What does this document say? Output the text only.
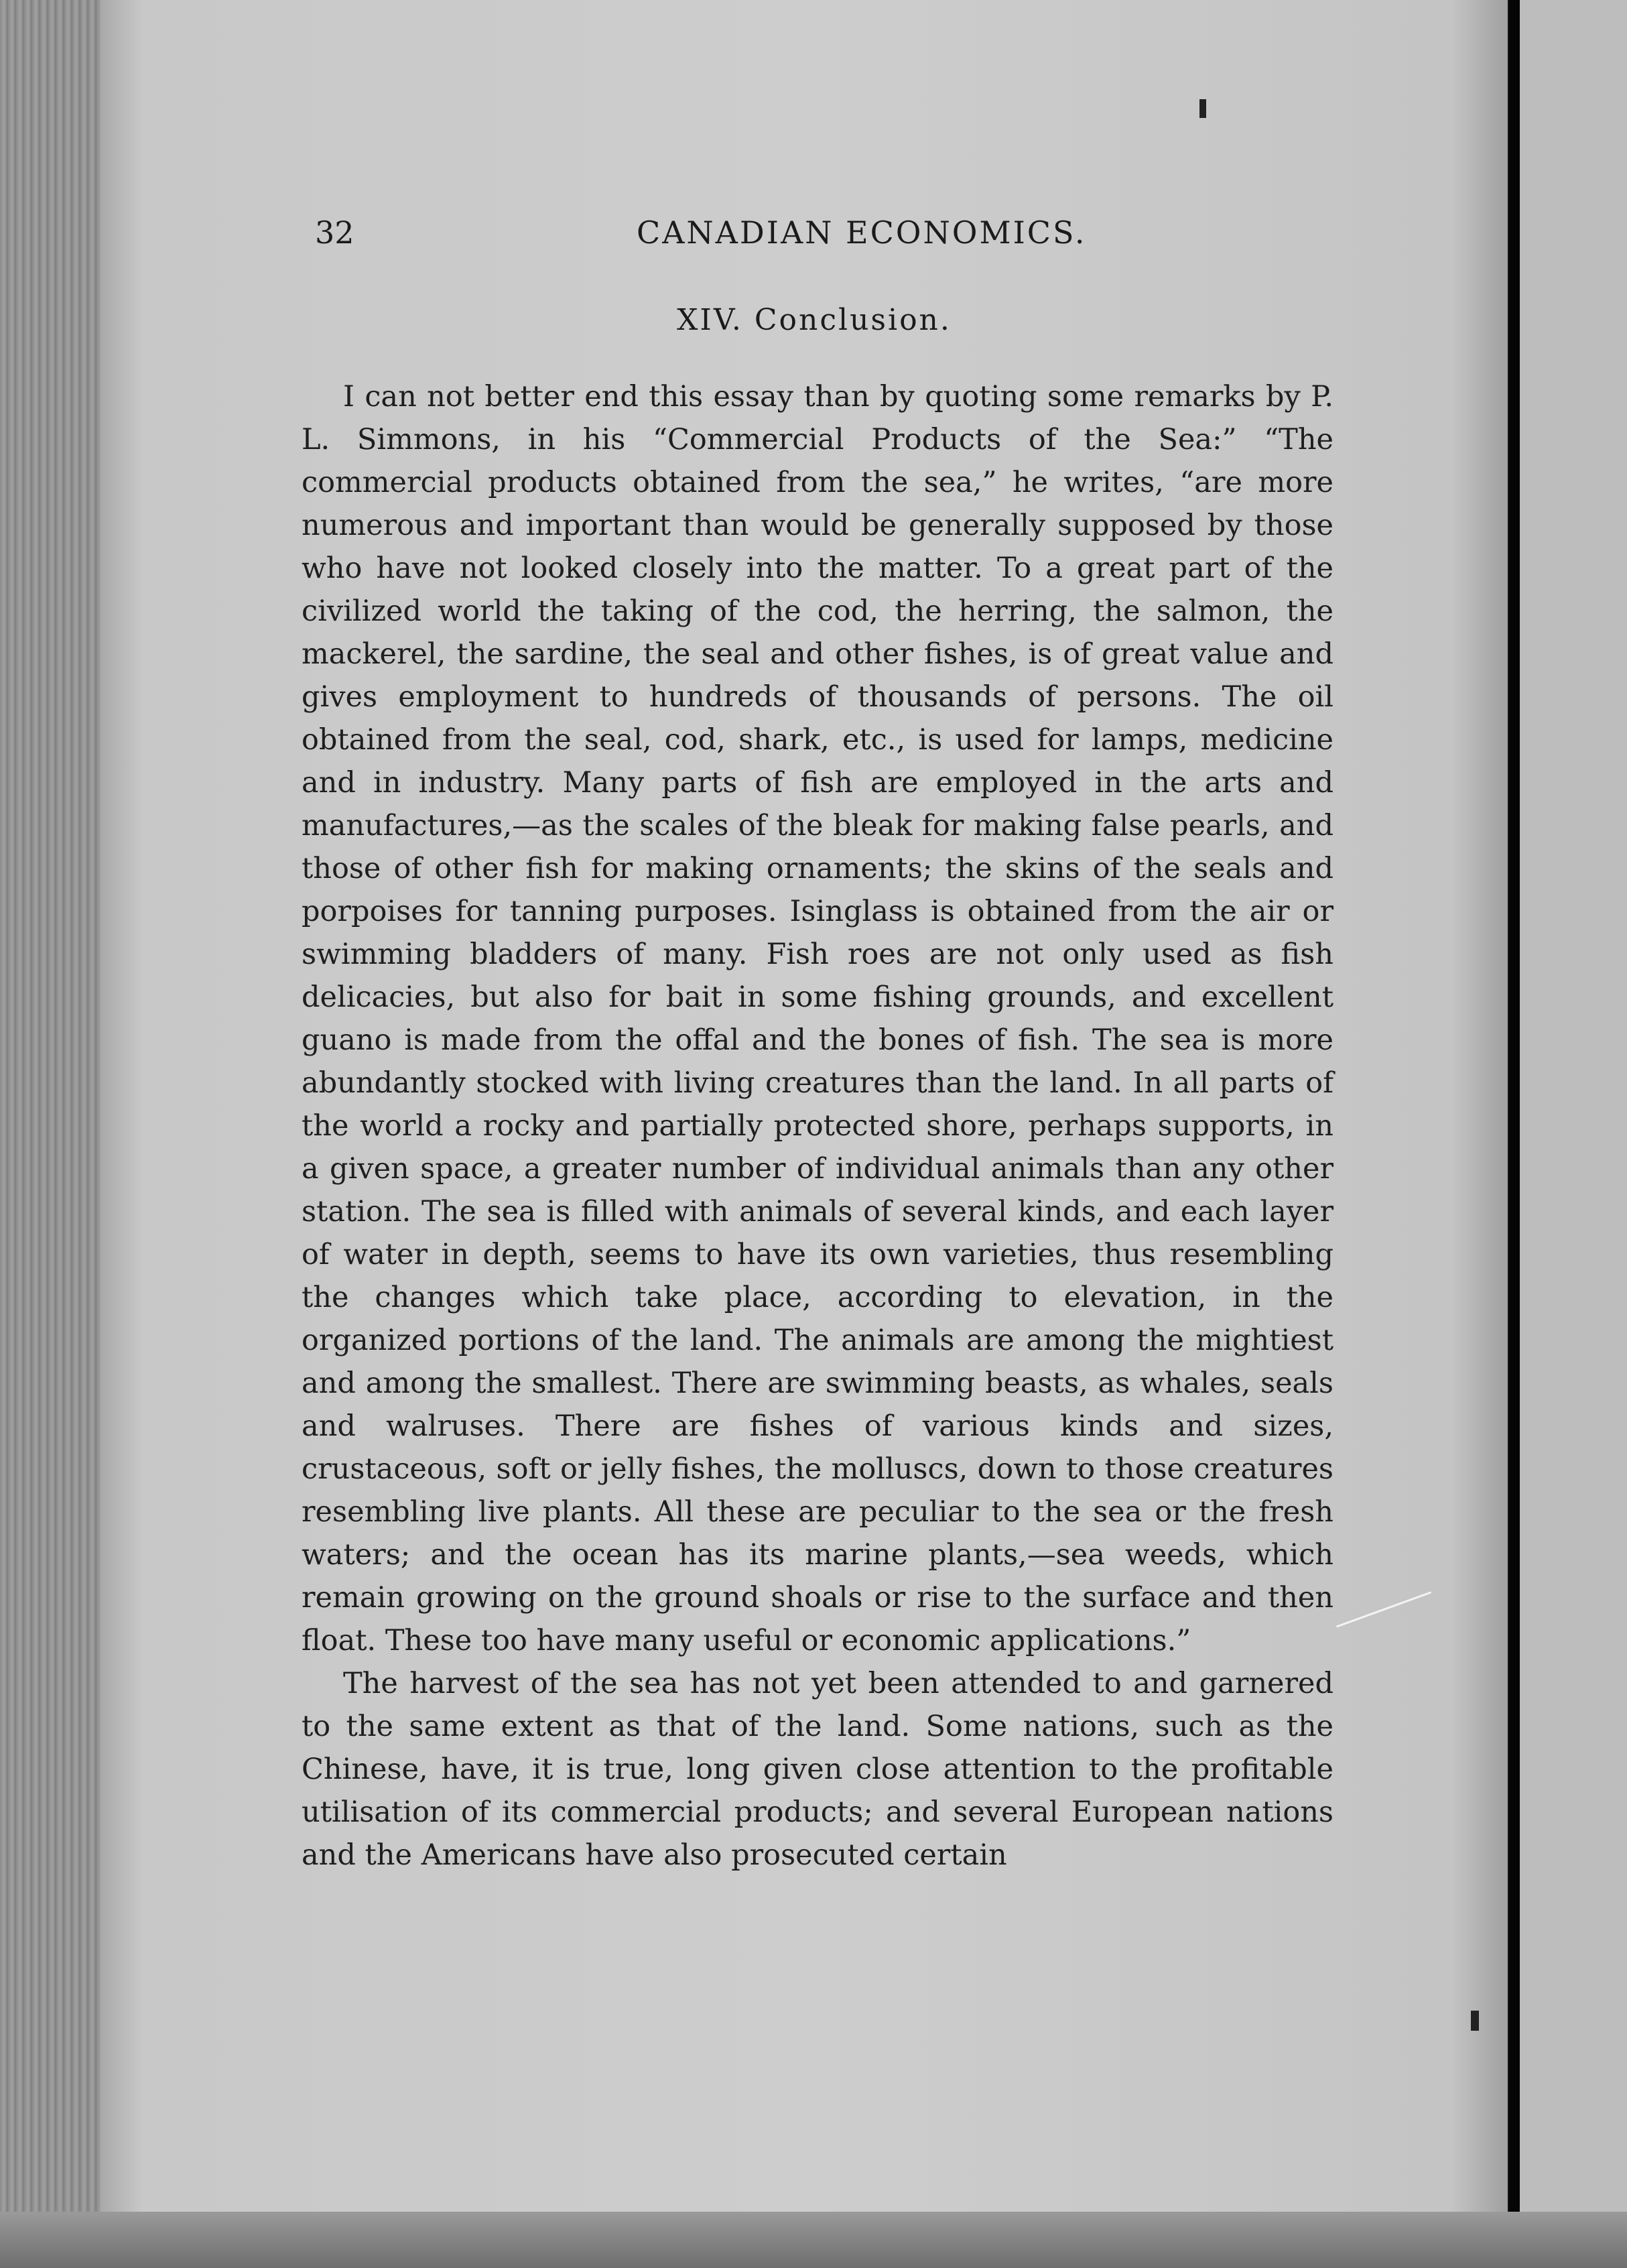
32	CANADIAN ECONOMICS.
XIV. Conclusion.

I can not better end this essay than by quoting some remarks by P. L. Simmons, in his “Commercial Products of the Sea:” “The commercial products obtained from the sea,” he writes, “are more numerous and important than would be generally supposed by those who have not looked closely into the matter. To a great part of the civilized world the taking of the cod, the herring, the salmon, the mackerel, the sardine, the seal and other fishes, is of great value and gives employment to hundreds of thousands of persons. The oil obtained from the seal, cod, shark, etc., is used for lamps, medicine and in industry. Many parts of fish are employed in the arts and manufactures,—as the scales of the bleak for making false pearls, and those of other fish for making ornaments; the skins of the seals and porpoises for tanning purposes. Isinglass is obtained from the air or swimming bladders of many. Fish roes are not only used as fish delicacies, but also for bait in some fishing grounds, and excellent guano is made from the offal and the bones of fish. The sea is more abundantly stocked with living creatures than the land. In all parts of the world a rocky and partially protected shore, perhaps supports, in a given space, a greater number of individual animals than any other station. The sea is filled with animals of several kinds, and each layer of water in depth, seems to have its own varieties, thus resembling the changes which take place, according to elevation, in the organized portions of the land. The animals are among the mightiest and among the smallest. There are swimming beasts, as whales, seals and walruses. There are fishes of various kinds and sizes, crustaceous, soft or jelly fishes, the molluscs, down to those creatures resembling live plants. All these are peculiar to the sea or the fresh waters; and the ocean has its marine plants,—sea weeds, which remain growing on the ground shoals or rise to the surface and then float. These too have many useful or economic applications.”

The harvest of the sea has not yet been attended to and garnered to the same extent as that of the land. Some nations, such as the Chinese, have, it is true, long given close attention to the profitable utilisation of its commercial products; and several European nations and the Americans have also prosecuted certain
